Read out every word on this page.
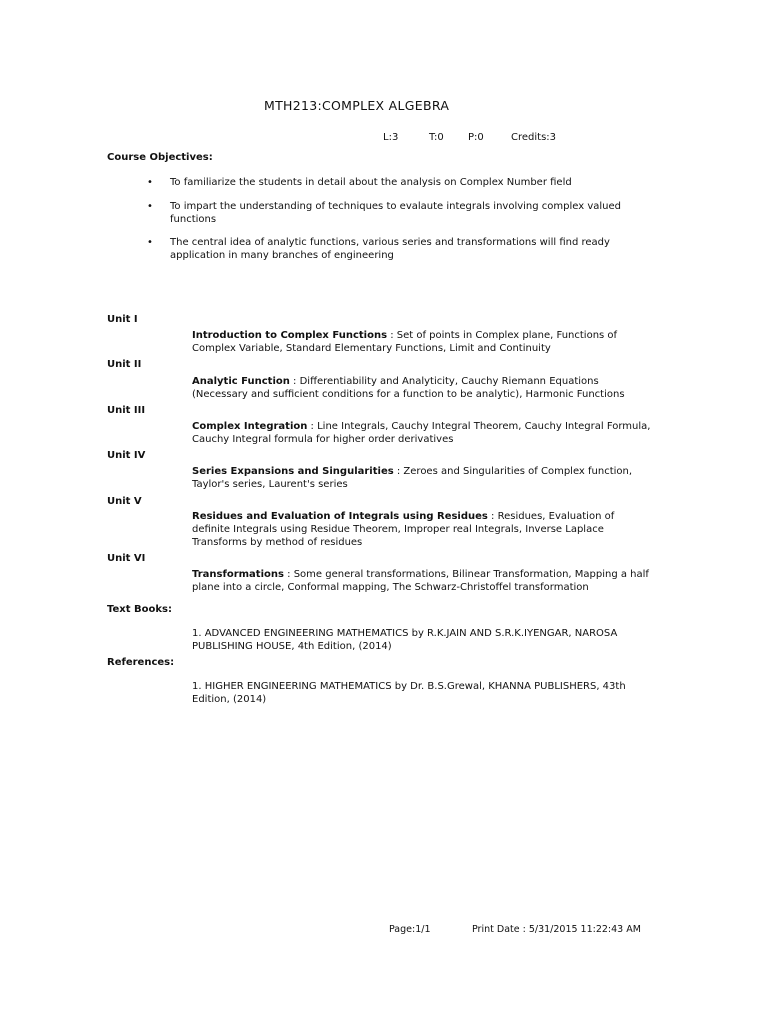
MTH213:COMPLEX ALGEBRA
L:3	T:0 P:0	Credits:3
Course Objectives:
• To familiarize the students in detail about the analysis on Complex Number field
• To impart the understanding of techniques to evalaute integrals involving complex valued functions
• The central idea of analytic functions, various series and transformations will find ready application in many branches of engineering
Unit I
Introduction to Complex Functions : Set of points in Complex plane, Functions of Complex Variable, Standard Elementary Functions, Limit and Continuity
Unit II
Analytic Function : Differentiability and Analyticity, Cauchy Riemann Equations (Necessary and sufficient conditions for a function to be analytic), Harmonic Functions
Unit III
Complex Integration : Line Integrals, Cauchy Integral Theorem, Cauchy Integral Formula, Cauchy Integral formula for higher order derivatives
Unit IV
Series Expansions and Singularities : Zeroes and Singularities of Complex function, Taylor's series, Laurent's series
Unit V
Residues and Evaluation of Integrals using Residues : Residues, Evaluation of definite Integrals using Residue Theorem, Improper real Integrals, Inverse Laplace Transforms by method of residues
Unit VI
Transformations : Some general transformations, Bilinear Transformation, Mapping a half plane into a circle, Conformal mapping, The Schwarz-Christoffel transformation
Text Books:
1. ADVANCED ENGINEERING MATHEMATICS by R.K.JAIN AND S.R.K.IYENGAR, NAROSA PUBLISHING HOUSE, 4th Edition, (2014)
References:
1. HIGHER ENGINEERING MATHEMATICS by Dr. B.S.Grewal, KHANNA PUBLISHERS, 43th Edition, (2014)
Page:1/1	Print Date : 5/31/2015 11:22:43 AM
